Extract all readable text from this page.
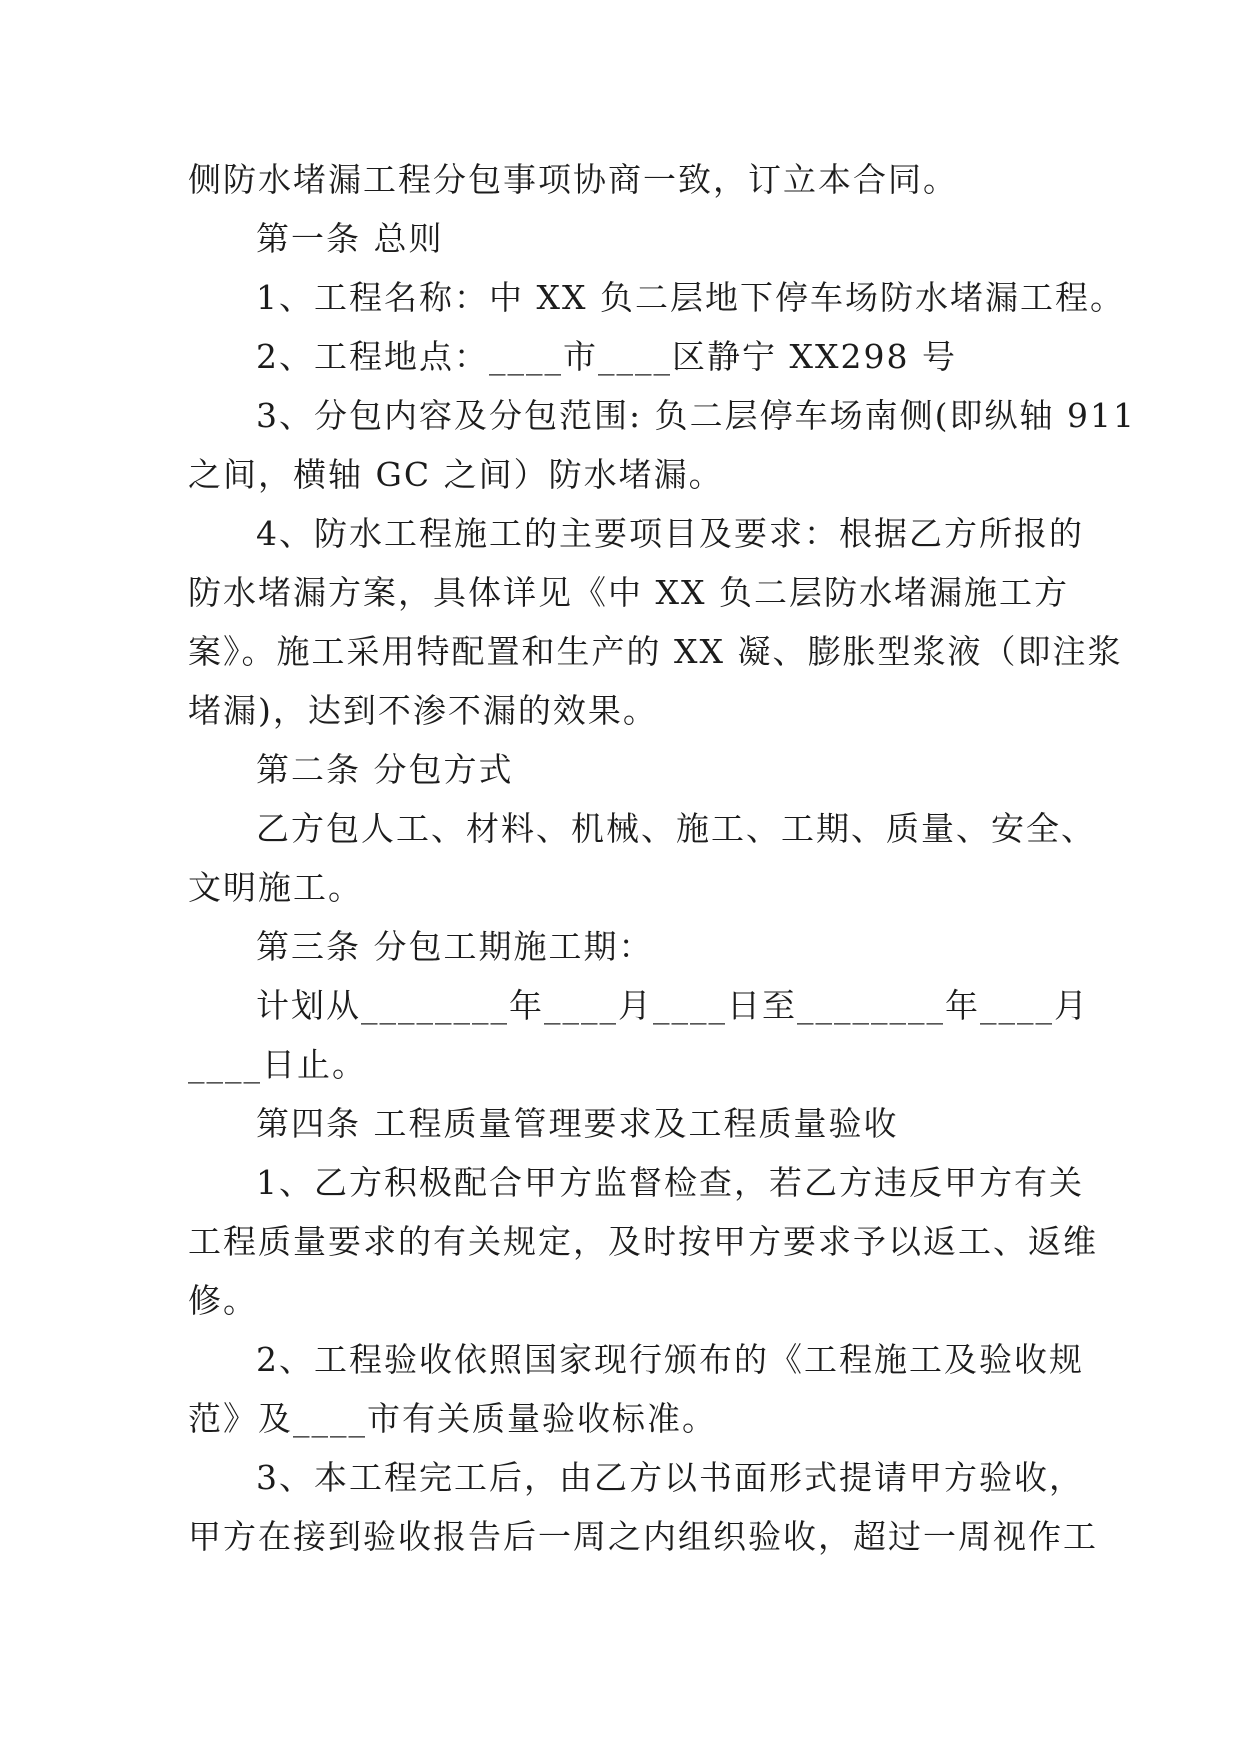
侧防水堵漏工程分包事项协商一致，订立本合同。
第一条 总则
1、工程名称：中 XX 负二层地下停车场防水堵漏工程。
2、工程地点：____市____区静宁 XX298 号
3、分包内容及分包范围: 负二层停车场南侧(即纵轴 911
之间，横轴 GC 之间）防水堵漏。
4、防水工程施工的主要项目及要求：根据乙方所报的
防水堵漏方案，具体详见《中 XX 负二层防水堵漏施工方
案》。施工采用特配置和生产的 XX 凝、膨胀型浆液（即注浆
堵漏)，达到不渗不漏的效果。
第二条 分包方式
乙方包人工、材料、机械、施工、工期、质量、安全、
文明施工。
第三条 分包工期施工期：
计划从________年____月____日至________年____月
____日止。
第四条 工程质量管理要求及工程质量验收
1、乙方积极配合甲方监督检查，若乙方违反甲方有关
工程质量要求的有关规定，及时按甲方要求予以返工、返维
修。
2、工程验收依照国家现行颁布的《工程施工及验收规
范》及____市有关质量验收标准。
3、本工程完工后，由乙方以书面形式提请甲方验收，
甲方在接到验收报告后一周之内组织验收，超过一周视作工
